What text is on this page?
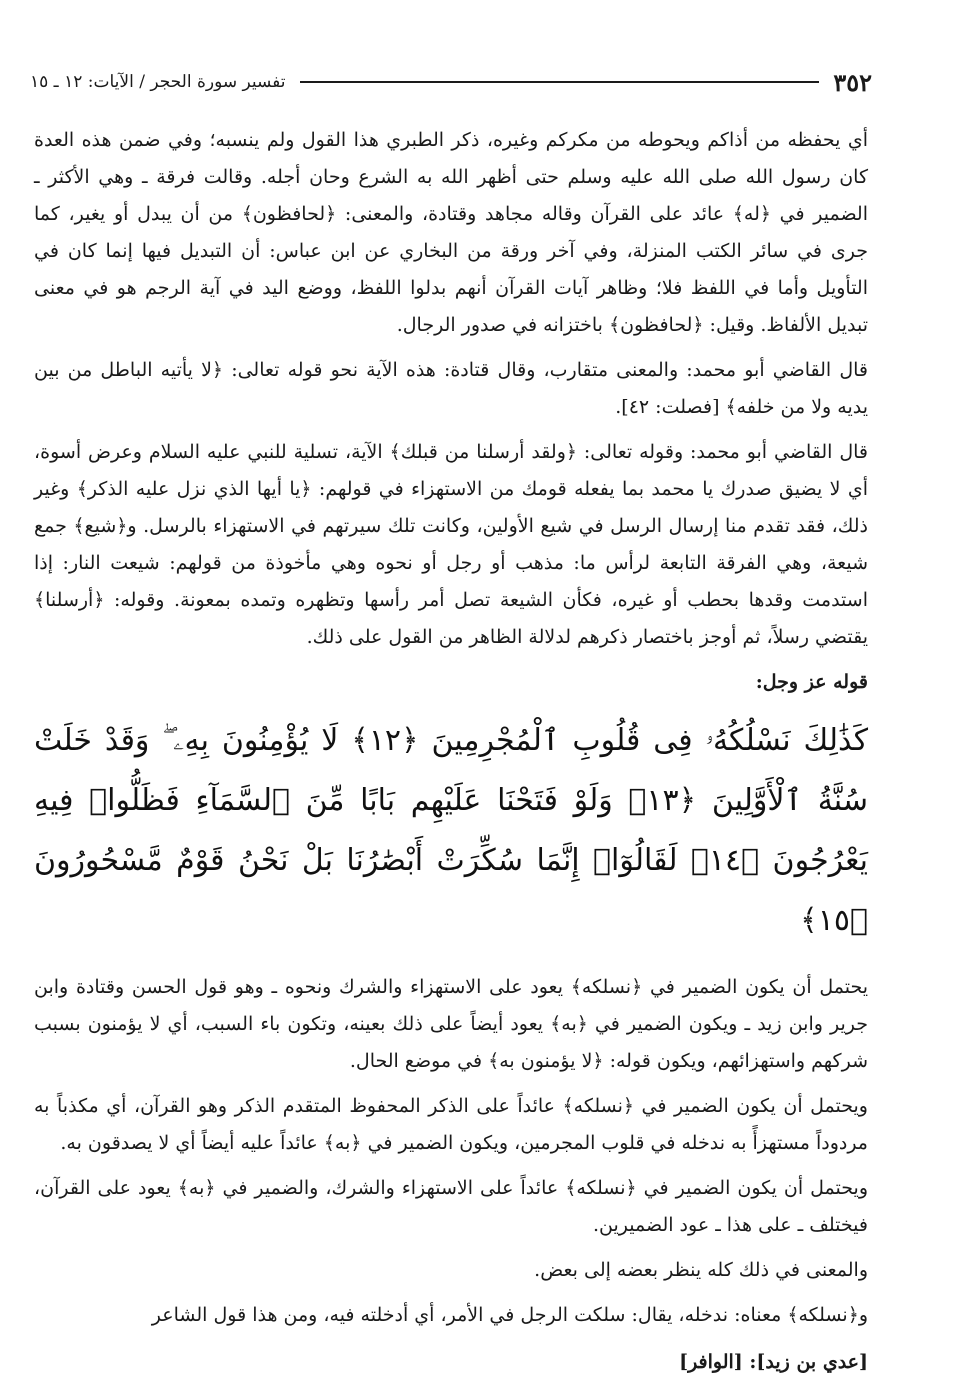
٣٥٢
تفسير سورة الحجر / الآيات: ١٢ ـ ١٥

أي يحفظه من أذاكم ويحوطه من مكركم وغيره، ذكر الطبري هذا القول ولم ينسبه؛ وفي ضمن هذه العدة كان رسول الله صلى الله عليه وسلم حتى أظهر الله به الشرع وحان أجله. وقالت فرقة ـ وهي الأكثر ـ الضمير في ﴿له﴾ عائد على القرآن وقاله مجاهد وقتادة، والمعنى: ﴿لحافظون﴾ من أن يبدل أو يغير، كما جرى في سائر الكتب المنزلة، وفي آخر ورقة من البخاري عن ابن عباس: أن التبديل فيها إنما كان في التأويل وأما في اللفظ فلا؛ وظاهر آيات القرآن أنهم بدلوا اللفظ، ووضع اليد في آية الرجم هو في معنى تبديل الألفاظ. وقيل: ﴿لحافظون﴾ باختزانه في صدور الرجال.

قال القاضي أبو محمد: والمعنى متقارب، وقال قتادة: هذه الآية نحو قوله تعالى: ﴿لا يأتيه الباطل من بين يديه ولا من خلفه﴾ [فصلت: ٤٢].

قال القاضي أبو محمد: وقوله تعالى: ﴿ولقد أرسلنا من قبلك﴾ الآية، تسلية للنبي عليه السلام وعرض أسوة، أي لا يضيق صدرك يا محمد بما يفعله قومك من الاستهزاء في قولهم: ﴿يا أيها الذي نزل عليه الذكر﴾ وغير ذلك، فقد تقدم منا إرسال الرسل في شيع الأولين، وكانت تلك سيرتهم في الاستهزاء بالرسل. و﴿شيع﴾ جمع شيعة، وهي الفرقة التابعة لرأس ما: مذهب أو رجل أو نحوه وهي مأخوذة من قولهم: شيعت النار: إذا استدمت وقدها بحطب أو غيره، فكأن الشيعة تصل أمر رأسها وتظهره وتمده بمعونة. وقوله: ﴿أرسلنا﴾ يقتضي رسلاً، ثم أوجز باختصار ذكرهم لدلالة الظاهر من القول على ذلك.

قوله عز وجل:

كَذَٰلِكَ نَسْلُكُهُۥ فِى قُلُوبِ ٱلْمُجْرِمِينَ ﴿١٢﴾ لَا يُؤْمِنُونَ بِهِۦ ۖ وَقَدْ خَلَتْ سُنَّةُ ٱلْأَوَّلِينَ ﴿١٣﴾ وَلَوْ فَتَحْنَا عَلَيْهِم بَابًا مِّنَ ٱلسَّمَآءِ فَظَلُّوا۟ فِيهِ يَعْرُجُونَ ﴿١٤﴾ لَقَالُوٓا۟ إِنَّمَا سُكِّرَتْ أَبْصَٰرُنَا بَلْ نَحْنُ قَوْمٌ مَّسْحُورُونَ ﴿١٥﴾

يحتمل أن يكون الضمير في ﴿نسلكه﴾ يعود على الاستهزاء والشرك ونحوه ـ وهو قول الحسن وقتادة وابن جرير وابن زيد ـ ويكون الضمير في ﴿به﴾ يعود أيضاً على ذلك بعينه، وتكون باء السبب، أي لا يؤمنون بسبب شركهم واستهزائهم، ويكون قوله: ﴿لا يؤمنون به﴾ في موضع الحال.

ويحتمل أن يكون الضمير في ﴿نسلكه﴾ عائداً على الذكر المحفوظ المتقدم الذكر وهو القرآن، أي مكذباً به مردوداً مستهزأً به ندخله في قلوب المجرمين، ويكون الضمير في ﴿به﴾ عائداً عليه أيضاً أي لا يصدقون به.

ويحتمل أن يكون الضمير في ﴿نسلكه﴾ عائداً على الاستهزاء والشرك، والضمير في ﴿به﴾ يعود على القرآن، فيختلف ـ على هذا ـ عود الضميرين.

والمعنى في ذلك كله ينظر بعضه إلى بعض.

و﴿نسلكه﴾ معناه: ندخله، يقال: سلكت الرجل في الأمر، أي أدخلته فيه، ومن هذا قول الشاعر

[عدي بن زيد]: [الوافر]
